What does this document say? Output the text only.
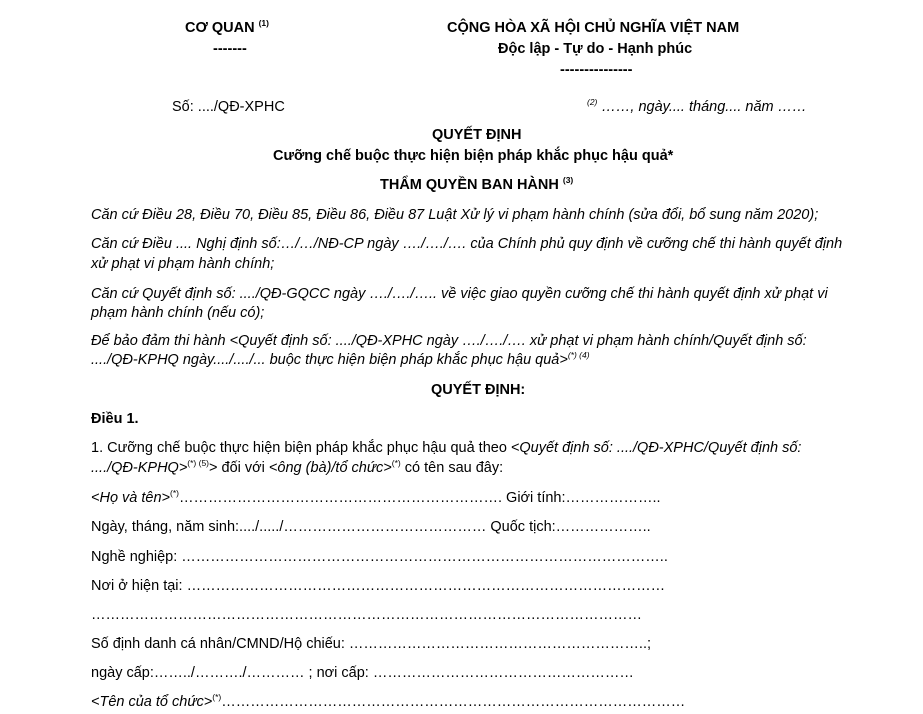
CƠ QUAN $^{(1)}$
-------
CỘNG HÒA XÃ HỘI CHỦ NGHĨA VIỆT NAM
Độc lập - Tự do - Hạnh phúc
---------------
Số: ..../QĐ-XPHC	$^{(2)}$ ……, ngày.... tháng.... năm ……
QUYẾT ĐỊNH
Cưỡng chế buộc thực hiện biện pháp khắc phục hậu quả*
THẨM QUYỀN BAN HÀNH $^{(3)}$
Căn cứ Điều 28, Điều 70, Điều 85, Điều 86, Điều 87 Luật Xử lý vi phạm hành chính (sửa đổi, bổ sung năm 2020);
Căn cứ Điều .... Nghị định số:…/…/NĐ-CP ngày …./…./…. của Chính phủ quy định về cưỡng chế thi hành quyết định
xử phạt vi phạm hành chính;
Căn cứ Quyết định số: ..../QĐ-GQCC ngày …./…./….. về việc giao quyền cưỡng chế thi hành quyết định xử phạt vi
phạm hành chính (nếu có);
Để bảo đảm thi hành <Quyết định số: ..../QĐ-XPHC ngày …./…./…. xử phạt vi phạm hành chính/Quyết định số:
..../QĐ-KPHQ ngày..../..../... buộc thực hiện biện pháp khắc phục hậu quả>$^{(*) (4)}$
QUYẾT ĐỊNH:
Điều 1.
1. Cưỡng chế buộc thực hiện biện pháp khắc phục hậu quả theo <Quyết định số: ..../QĐ-XPHC/Quyết định số:
..../QĐ-KPHQ>$^{(*) (5)}$> đối với <ông (bà)/tổ chức>(*) có tên sau đây:
<Họ và tên>(*)…………………………………………………………. Giới tính:………………..
Ngày, tháng, năm sinh:..../...../…………………………………… Quốc tịch:………………..
Nghề nghiệp: ………………………………………………………………………………………..
Nơi ở hiện tại: ………………………………………………………………………………………
……………………………………………………………………………………………………
Số định danh cá nhân/CMND/Hộ chiếu: ……………………………………………………..;
ngày cấp:……../………./………… ; nơi cấp: ………………………………………………
<Tên của tổ chức>(*)……………………………………………………………………………………
